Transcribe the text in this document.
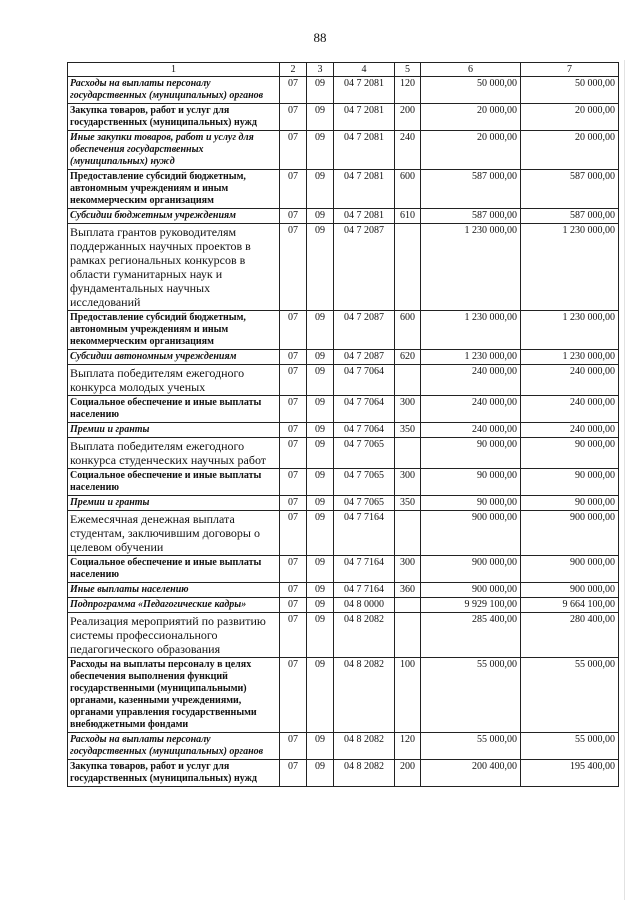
88
1	2	3	4	5	6	7
Расходы на выплаты персоналу государственных (муниципальных) органов	07	09	04 7 2081	120	50 000,00	50 000,00
Закупка товаров, работ и услуг для государственных (муниципальных) нужд	07	09	04 7 2081	200	20 000,00	20 000,00
Иные закупки товаров, работ и услуг для обеспечения государственных (муниципальных) нужд	07	09	04 7 2081	240	20 000,00	20 000,00
Предоставление субсидий бюджетным, автономным учреждениям и иным некоммерческим организациям	07	09	04 7 2081	600	587 000,00	587 000,00
Субсидии бюджетным учреждениям	07	09	04 7 2081	610	587 000,00	587 000,00
Выплата грантов руководителям поддержанных научных проектов в рамках региональных конкурсов в области гуманитарных наук и фундаментальных научных исследований	07	09	04 7 2087		1 230 000,00	1 230 000,00
Предоставление субсидий бюджетным, автономным учреждениям и иным некоммерческим организациям	07	09	04 7 2087	600	1 230 000,00	1 230 000,00
Субсидии автономным учреждениям	07	09	04 7 2087	620	1 230 000,00	1 230 000,00
Выплата победителям ежегодного конкурса молодых ученых	07	09	04 7 7064		240 000,00	240 000,00
Социальное обеспечение и иные выплаты населению	07	09	04 7 7064	300	240 000,00	240 000,00
Премии и гранты	07	09	04 7 7064	350	240 000,00	240 000,00
Выплата победителям ежегодного конкурса студенческих научных работ	07	09	04 7 7065		90 000,00	90 000,00
Социальное обеспечение и иные выплаты населению	07	09	04 7 7065	300	90 000,00	90 000,00
Премии и гранты	07	09	04 7 7065	350	90 000,00	90 000,00
Ежемесячная денежная выплата студентам, заключившим договоры о целевом обучении	07	09	04 7 7164		900 000,00	900 000,00
Социальное обеспечение и иные выплаты населению	07	09	04 7 7164	300	900 000,00	900 000,00
Иные выплаты населению	07	09	04 7 7164	360	900 000,00	900 000,00
Подпрограмма «Педагогические кадры»	07	09	04 8 0000		9 929 100,00	9 664 100,00
Реализация мероприятий по развитию системы профессионального педагогического образования	07	09	04 8 2082		285 400,00	280 400,00
Расходы на выплаты персоналу в целях обеспечения выполнения функций государственными (муниципальными) органами, казенными учреждениями, органами управления государственными внебюджетными фондами	07	09	04 8 2082	100	55 000,00	55 000,00
Расходы на выплаты персоналу государственных (муниципальных) органов	07	09	04 8 2082	120	55 000,00	55 000,00
Закупка товаров, работ и услуг для государственных (муниципальных) нужд	07	09	04 8 2082	200	200 400,00	195 400,00
